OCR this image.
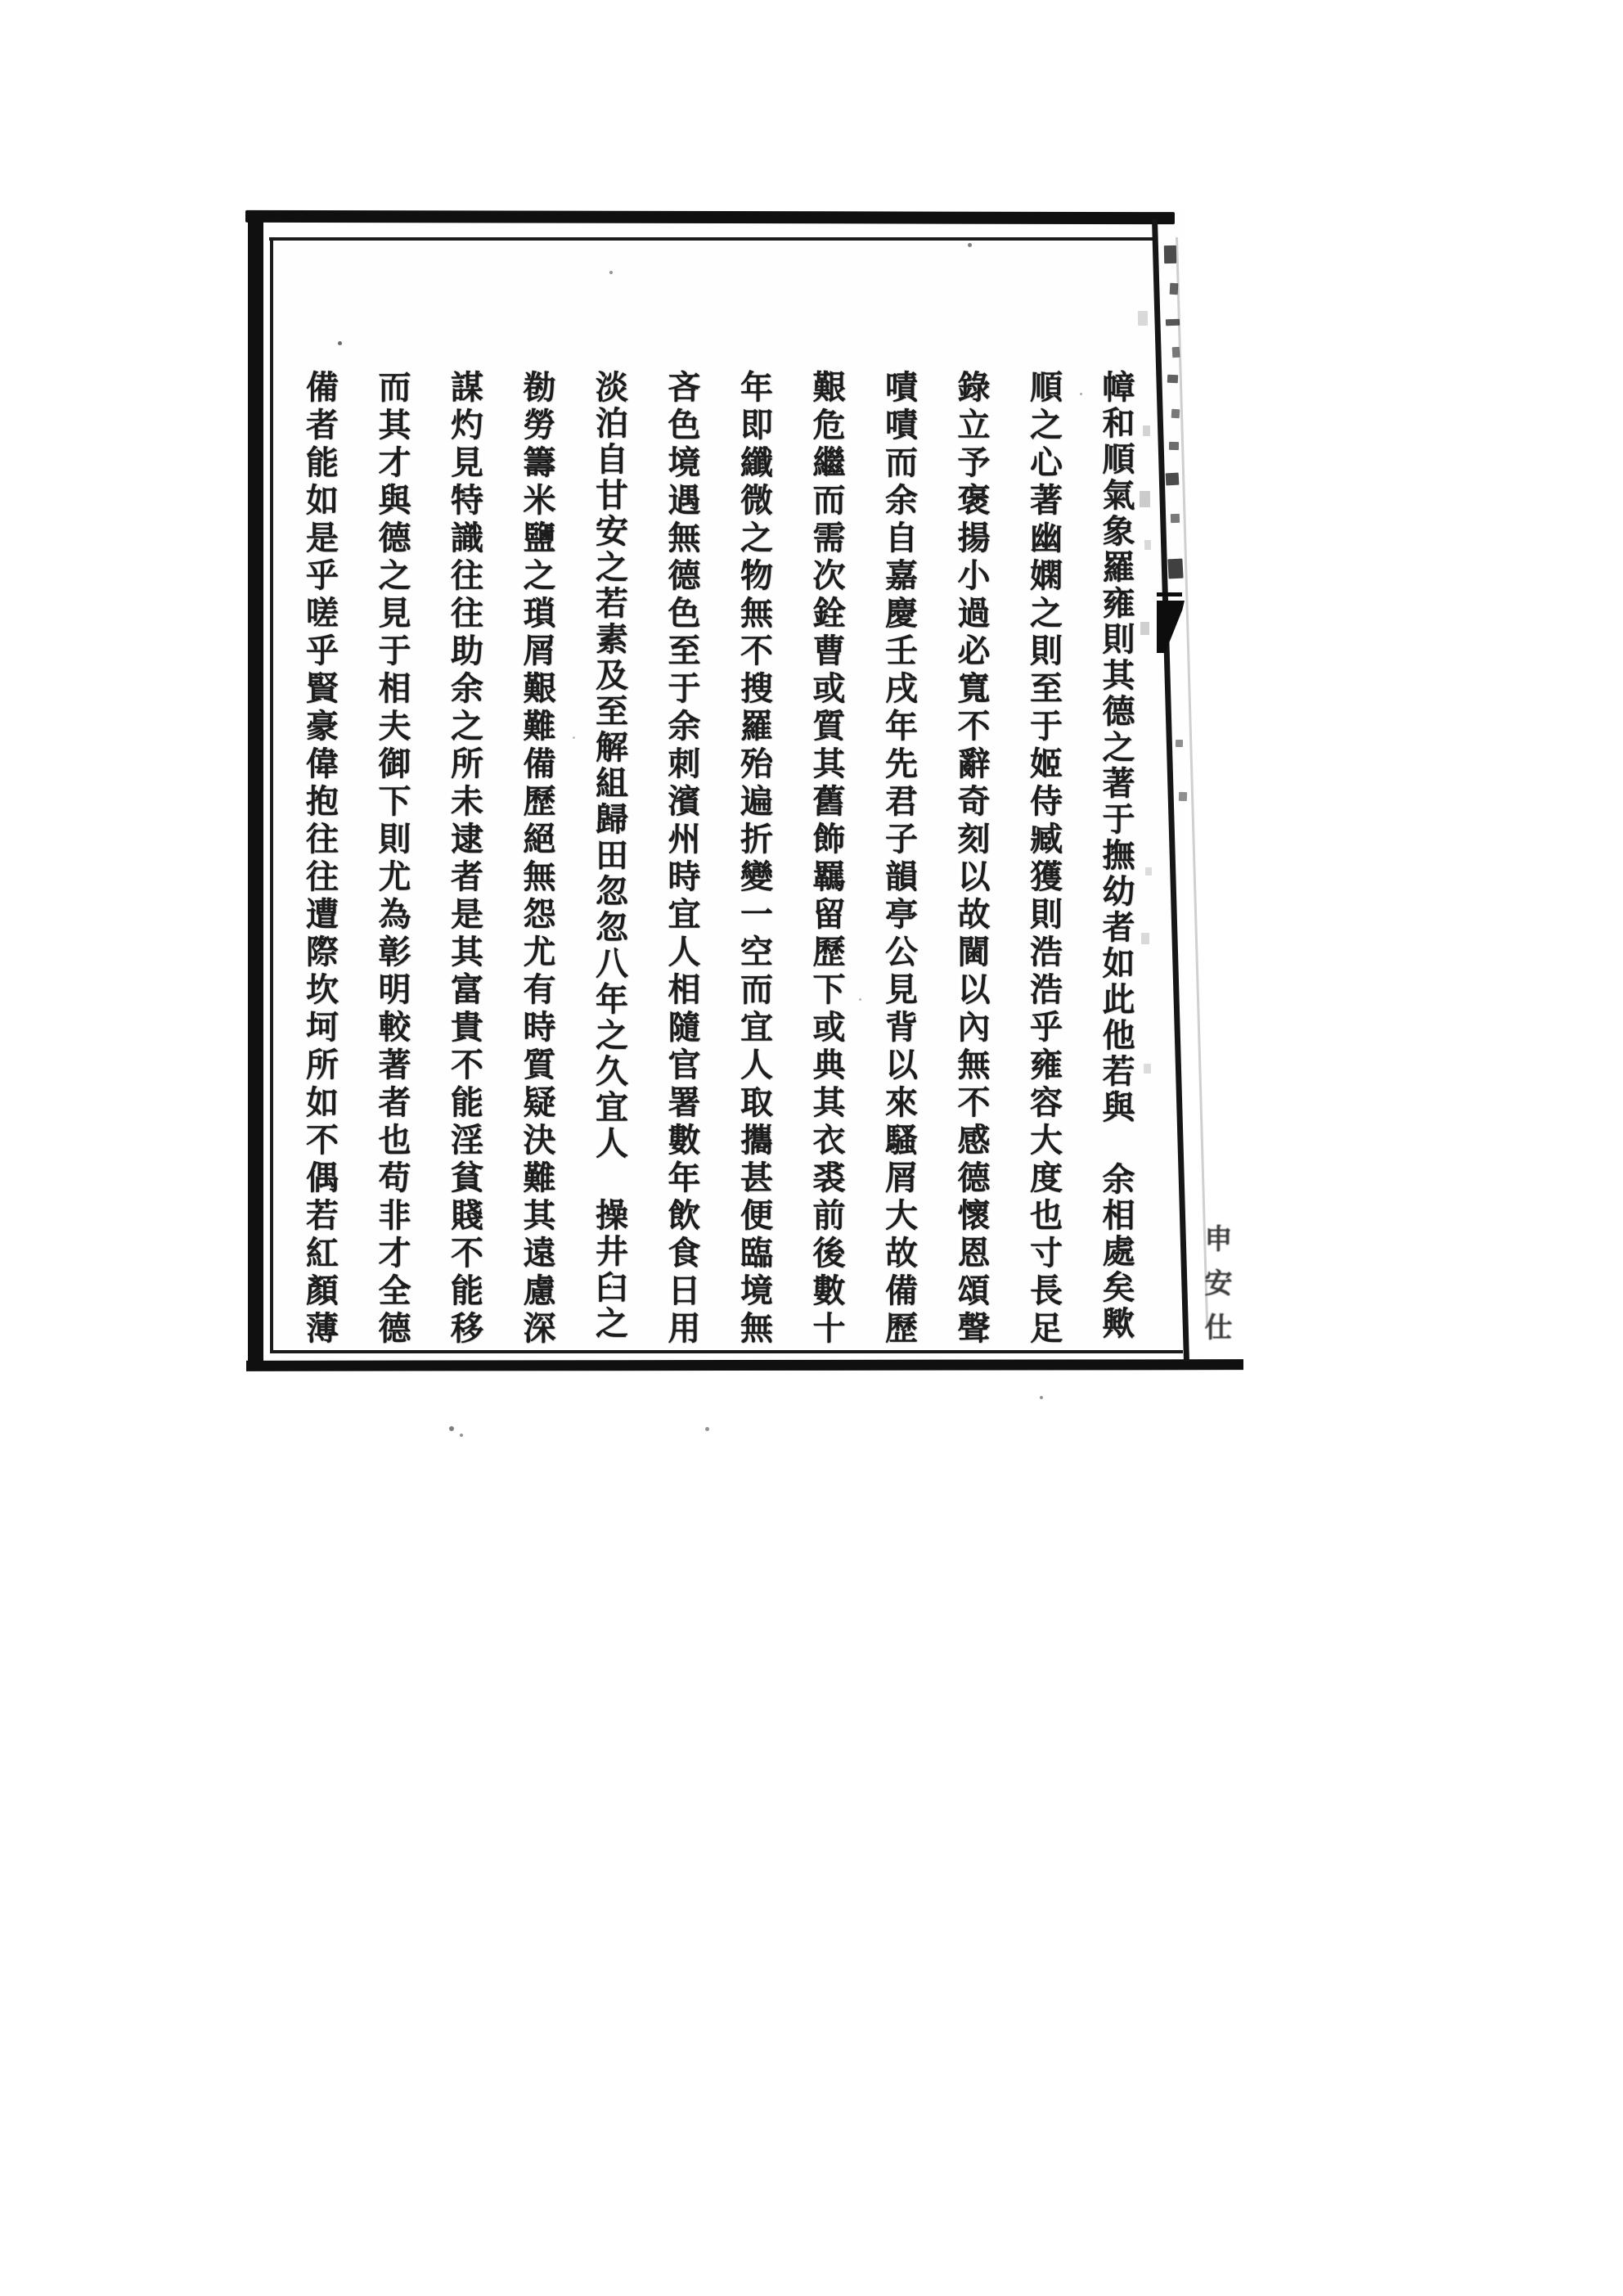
幛和順氣象羅雍則其德之著于撫幼者如此他若與　余相處矣歟
順之心著幽嫻之則至于姬侍臧獲則浩浩乎雍容大度也寸長足
錄立予褒揚小過必寬不辭奇刻以故閫以內無不感德懷恩頌聲
嘖嘖而余自嘉慶壬戌年先君子韻亭公見背以來騷屑大故備歷
艱危繼而需次銓曹或質其舊飾羈留歷下或典其衣裘前後數十
年即纖微之物無不搜羅殆遍折變一空而宜人取攜甚便臨境無
吝色境遇無德色至于余刺濱州時宜人相隨官署數年飲食日用
淡泊自甘安之若素及至解組歸田忽忽八年之久宜人　操井臼之
勌勞籌米鹽之瑣屑艱難備歷絕無怨尤有時質疑決難其遠慮深
謀灼見特識往往助余之所未逮者是其富貴不能淫貧賤不能移
而其才與德之見于相夫御下則尤為彰明較著者也苟非才全德
備者能如是乎嗟乎賢豪偉抱往往遭際坎坷所如不偶若紅顏薄	申
安
仕
